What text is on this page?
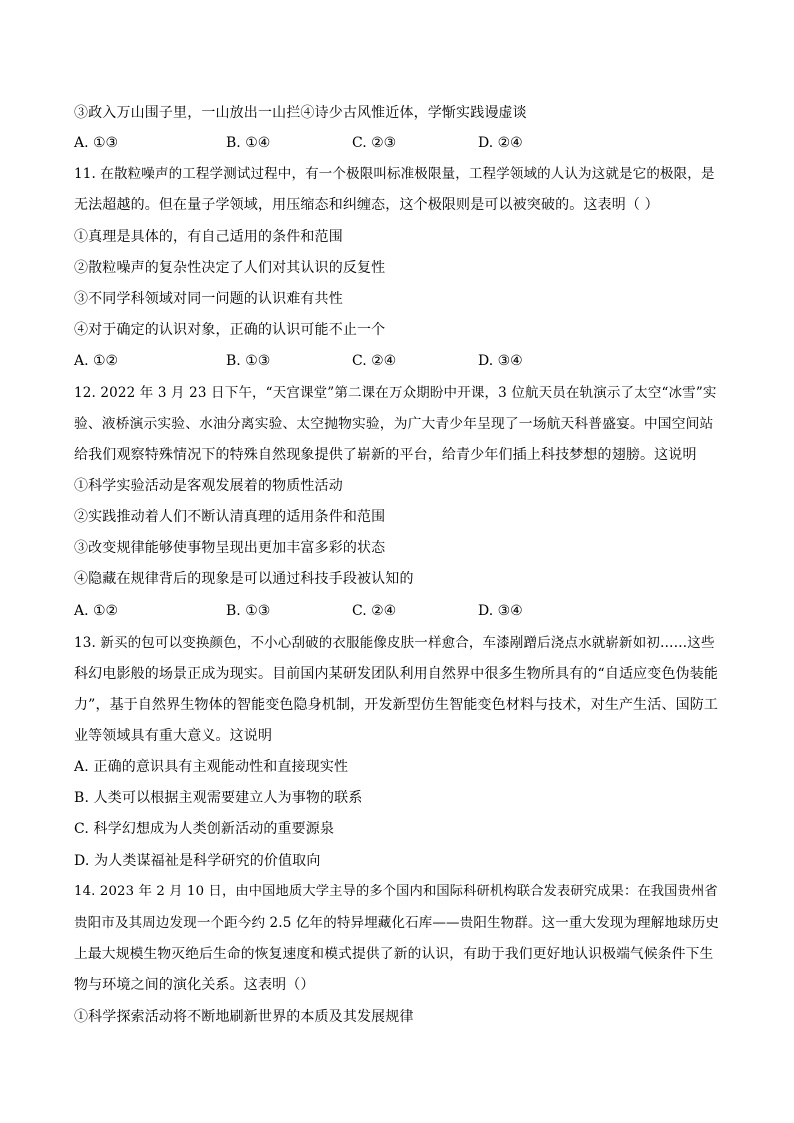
③政入万山围子里，一山放出一山拦④诗少古风惟近体，学惭实践谩虚谈
A. ①③	B. ①④	C. ②③	D. ②④
11. 在散粒噪声的工程学测试过程中，有一个极限叫标准极限量，工程学领域的人认为这就是它的极限，是
无法超越的。但在量子学领域，用压缩态和纠缠态，这个极限则是可以被突破的。这表明（ ）
①真理是具体的，有自己适用的条件和范围
②散粒噪声的复杂性决定了人们对其认识的反复性
③不同学科领域对同一问题的认识难有共性
④对于确定的认识对象，正确的认识可能不止一个
A. ①②	B. ①③	C. ②④	D. ③④
12. 2022 年 3 月 23 日下午，“天宫课堂”第二课在万众期盼中开课，3 位航天员在轨演示了太空“冰雪”实
验、液桥演示实验、水油分离实验、太空抛物实验，为广大青少年呈现了一场航天科普盛宴。中国空间站
给我们观察特殊情况下的特殊自然现象提供了崭新的平台，给青少年们插上科技梦想的翅膀。这说明
①科学实验活动是客观发展着的物质性活动
②实践推动着人们不断认清真理的适用条件和范围
③改变规律能够使事物呈现出更加丰富多彩的状态
④隐藏在规律背后的现象是可以通过科技手段被认知的
A. ①②	B. ①③	C. ②④	D. ③④
13. 新买的包可以变换颜色，不小心刮破的衣服能像皮肤一样愈合，车漆剐蹭后浇点水就崭新如初……这些
科幻电影般的场景正成为现实。目前国内某研发团队利用自然界中很多生物所具有的“自适应变色伪装能
力”，基于自然界生物体的智能变色隐身机制，开发新型仿生智能变色材料与技术，对生产生活、国防工
业等领域具有重大意义。这说明
A. 正确的意识具有主观能动性和直接现实性
B. 人类可以根据主观需要建立人为事物的联系
C. 科学幻想成为人类创新活动的重要源泉
D. 为人类谋福祉是科学研究的价值取向
14. 2023 年 2 月 10 日，由中国地质大学主导的多个国内和国际科研机构联合发表研究成果：在我国贵州省
贵阳市及其周边发现一个距今约 2.5 亿年的特异埋藏化石库——贵阳生物群。这一重大发现为理解地球历史
上最大规模生物灭绝后生命的恢复速度和模式提供了新的认识，有助于我们更好地认识极端气候条件下生
物与环境之间的演化关系。这表明（）
①科学探索活动将不断地刷新世界的本质及其发展规律
